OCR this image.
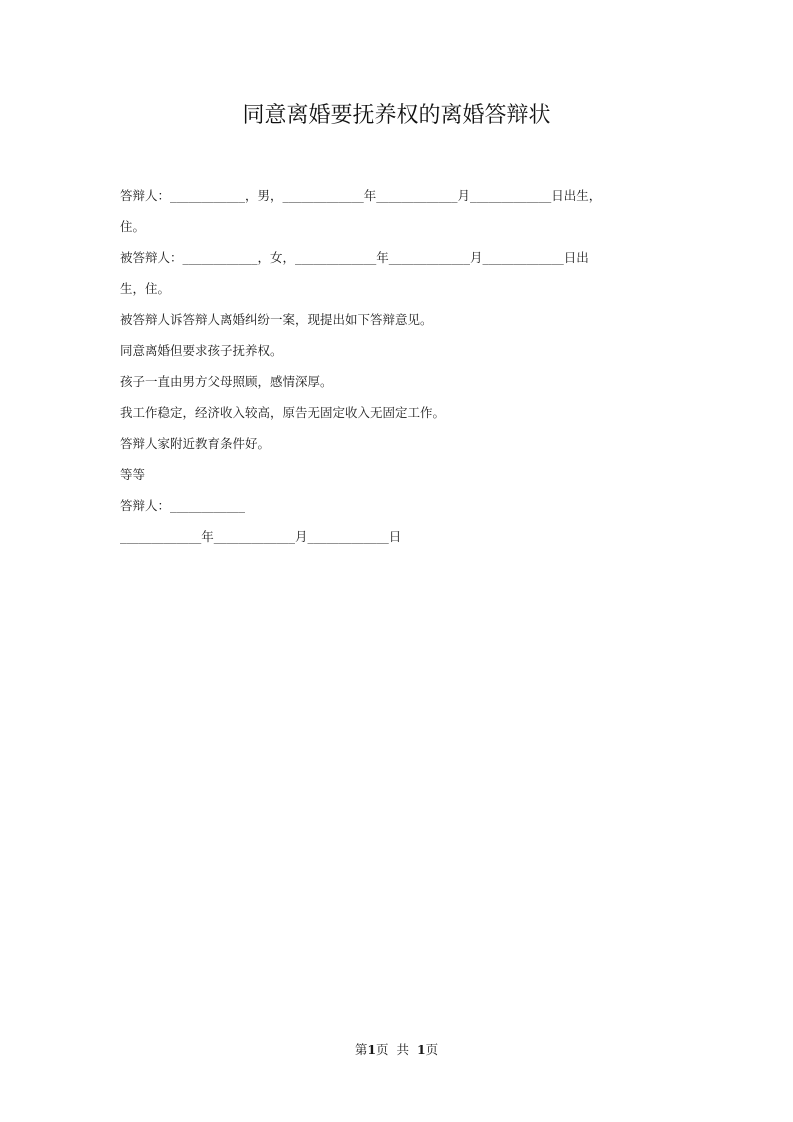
同意离婚要抚养权的离婚答辩状
答辩人：____________，男，_____________年_____________月_____________日出生，
住。
被答辩人：____________，女，_____________年_____________月_____________日出
生，住。
被答辩人诉答辩人离婚纠纷一案，现提出如下答辩意见。
同意离婚但要求孩子抚养权。
孩子一直由男方父母照顾，感情深厚。
我工作稳定，经济收入较高，原告无固定收入无固定工作。
答辩人家附近教育条件好。
等等
答辩人：____________
_____________年_____________月_____________日
第1页  共  1页
